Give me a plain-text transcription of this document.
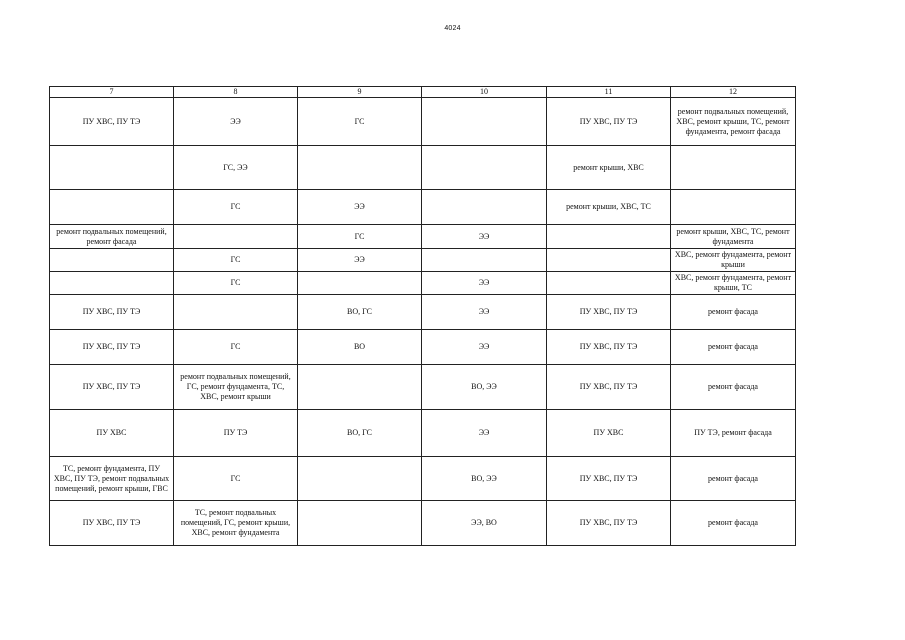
4024
7	8	9	10	11	12
ПУ ХВС, ПУ ТЭ	ЭЭ	ГС		ПУ ХВС, ПУ ТЭ	ремонт подвальных помещений, ХВС, ремонт крыши, ТС, ремонт фундамента, ремонт фасада
	ГС, ЭЭ			ремонт крыши, ХВС	
	ГС	ЭЭ		ремонт крыши, ХВС, ТС	
ремонт подвальных помещений, ремонт фасада		ГС	ЭЭ		ремонт крыши, ХВС, ТС, ремонт фундамента
	ГС	ЭЭ			ХВС, ремонт фундамента, ремонт крыши
	ГС		ЭЭ		ХВС, ремонт фундамента, ремонт крыши, ТС
ПУ ХВС, ПУ ТЭ		ВО, ГС	ЭЭ	ПУ ХВС, ПУ ТЭ	ремонт фасада
ПУ ХВС, ПУ ТЭ	ГС	ВО	ЭЭ	ПУ ХВС, ПУ ТЭ	ремонт фасада
ПУ ХВС, ПУ ТЭ	ремонт подвальных помещений, ГС, ремонт фундамента, ТС, ХВС, ремонт крыши		ВО, ЭЭ	ПУ ХВС, ПУ ТЭ	ремонт фасада
ПУ ХВС	ПУ ТЭ	ВО, ГС	ЭЭ	ПУ ХВС	ПУ ТЭ, ремонт фасада
ТС, ремонт фундамента, ПУ ХВС, ПУ ТЭ, ремонт подвальных помещений, ремонт крыши, ГВС	ГС		ВО, ЭЭ	ПУ ХВС, ПУ ТЭ	ремонт фасада
ПУ ХВС, ПУ ТЭ	ТС, ремонт подвальных помещений, ГС, ремонт крыши, ХВС, ремонт фундамента		ЭЭ, ВО	ПУ ХВС, ПУ ТЭ	ремонт фасада
